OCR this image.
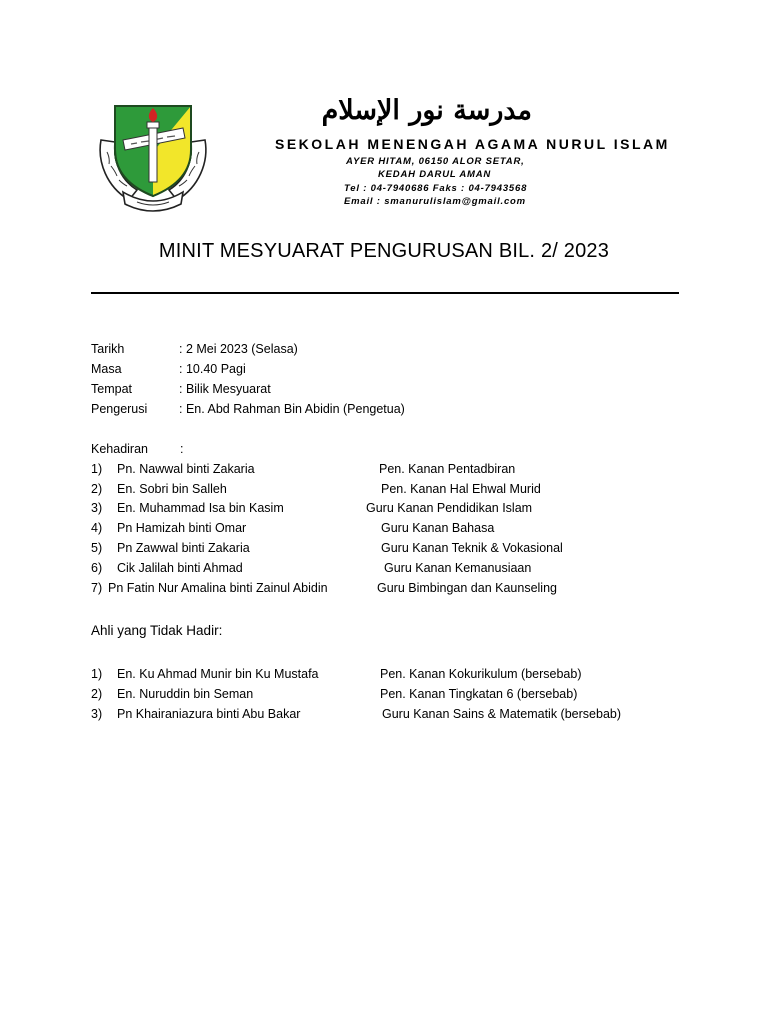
مدرسة نور الإسلام
SEKOLAH MENENGAH AGAMA NURUL ISLAM
AYER HITAM, 06150 ALOR SETAR,
KEDAH DARUL AMAN
Tel : 04-7940686 Faks : 04-7943568
Email : smanurulislam@gmail.com
MINIT MESYUARAT PENGURUSAN BIL. 2/ 2023
Tarikh	: 2 Mei 2023 (Selasa)
Masa	: 10.40 Pagi
Tempat	: Bilik Mesyuarat
Pengerusi	: En. Abd Rahman Bin Abidin (Pengetua)
Kehadiran	:
1) Pn. Nawwal binti Zakaria	Pen. Kanan Pentadbiran
2) En. Sobri bin Salleh	Pen. Kanan Hal Ehwal Murid
3) En. Muhammad Isa bin Kasim	Guru Kanan Pendidikan Islam
4) Pn Hamizah binti Omar	Guru Kanan Bahasa
5) Pn Zawwal binti Zakaria	Guru Kanan Teknik & Vokasional
6) Cik Jalilah binti Ahmad	Guru Kanan Kemanusiaan
7) Pn Fatin Nur Amalina binti Zainul Abidin	Guru Bimbingan dan Kaunseling
Ahli yang Tidak Hadir:
1) En. Ku Ahmad Munir bin Ku Mustafa	Pen. Kanan Kokurikulum (bersebab)
2) En. Nuruddin bin Seman	Pen. Kanan Tingkatan 6 (bersebab)
3) Pn Khairaniazura binti Abu Bakar	Guru Kanan Sains & Matematik (bersebab)
